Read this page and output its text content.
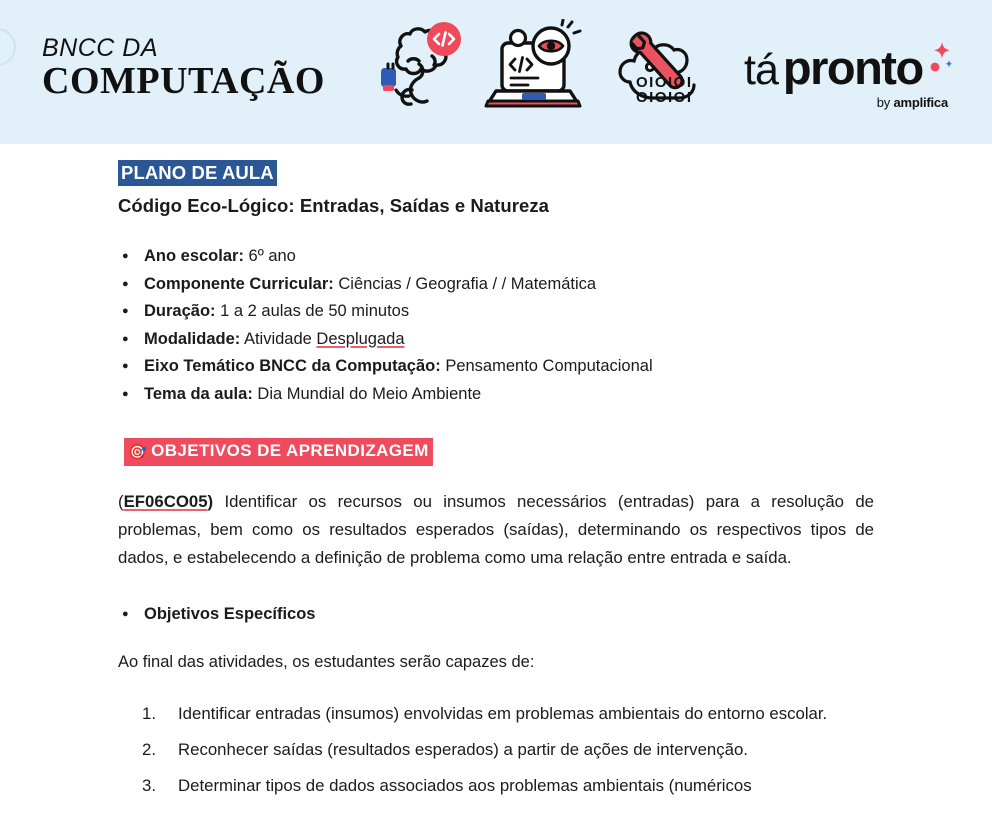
BNCC DA
COMPUTAÇÃO	OIOIOI
OIOIOI
tá pronto
by amplifica
PLANO DE AULA
Código Eco-Lógico: Entradas, Saídas e Natureza
● Ano escolar: 6º ano
● Componente Curricular: Ciências / Geografia / / Matemática
● Duração: 1 a 2 aulas de 50 minutos
● Modalidade: Atividade Desplugada
● Eixo Temático BNCC da Computação: Pensamento Computacional
● Tema da aula: Dia Mundial do Meio Ambiente
🎯 OBJETIVOS DE APRENDIZAGEM

(EF06CO05) Identificar os recursos ou insumos necessários (entradas) para a resolução de problemas, bem como os resultados esperados (saídas), determinando os respectivos tipos de dados, e estabelecendo a definição de problema como uma relação entre entrada e saída.

● Objetivos Específicos
Ao final das atividades, os estudantes serão capazes de:
Identificar entradas (insumos) envolvidas em problemas ambientais do entorno escolar.
Reconhecer saídas (resultados esperados) a partir de ações de intervenção.
Determinar tipos de dados associados aos problemas ambientais (numéricos
